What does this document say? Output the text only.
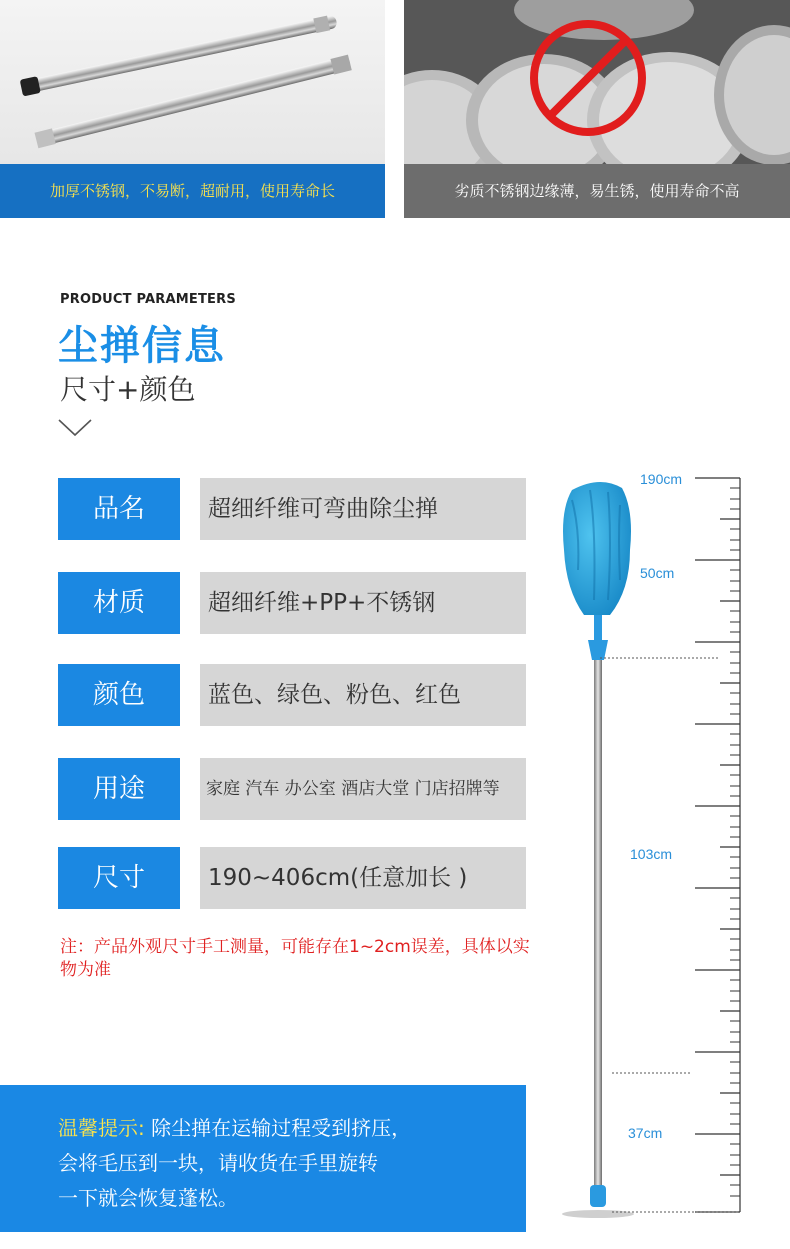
加厚不锈钢，不易断，超耐用，使用寿命长	劣质不锈钢边缘薄，易生锈，使用寿命不高
PRODUCT PARAMETERS
尘掸信息
尺寸+颜色
品名	超细纤维可弯曲除尘掸
材质	超细纤维+PP+不锈钢
颜色	蓝色、绿色、粉色、红色
用途	家庭 汽车 办公室 酒店大堂 门店招牌等
尺寸	190~406cm(任意加长 )
注：产品外观尺寸手工测量，可能存在1~2cm误差，具体以实物为准
温馨提示: 除尘掸在运输过程受到挤压，
会将毛压到一块，请收货在手里旋转
一下就会恢复蓬松。
190cm
50cm
103cm
37cm
